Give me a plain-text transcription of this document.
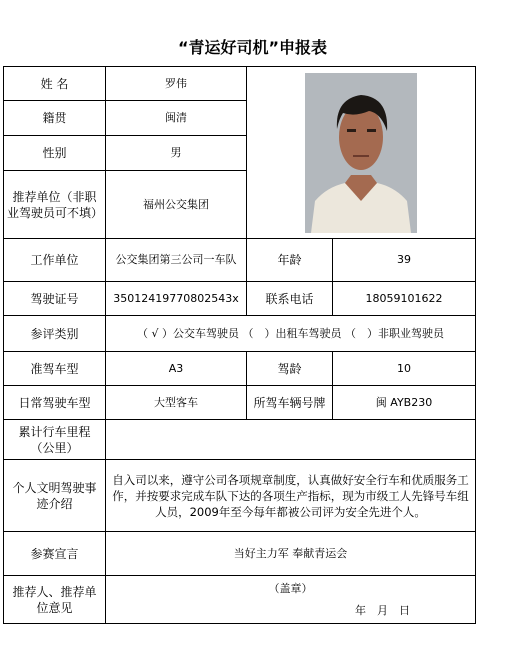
“青运好司机”申报表
姓 名	罗伟	

籍贯	闽清		
性别	男		
推荐单位（非职业驾驶员可不填）	福州公交集团		
工作单位	公交集团第三公司一车队	年龄	39
驾驶证号	35012419770802543x	联系电话	18059101622
参评类别	（ √ ）公交车驾驶员 （　）出租车驾驶员 （　）非职业驾驶员		
准驾车型	A3	驾龄	10
日常驾驶车型	大型客车	所驾车辆号牌	闽 AYB230
累计行车里程（公里）			
个人文明驾驶事迹介绍	自入司以来，遵守公司各项规章制度，认真做好安全行车和优质服务工作，并按要求完成车队下达的各项生产指标，现为市级工人先锋号车组人员，2009年至今每年都被公司评为安全先进个人。		
参赛宣言	当好主力军 奉献青运会		
推荐人、推荐单位意见	（盖章）
年　月　日		
